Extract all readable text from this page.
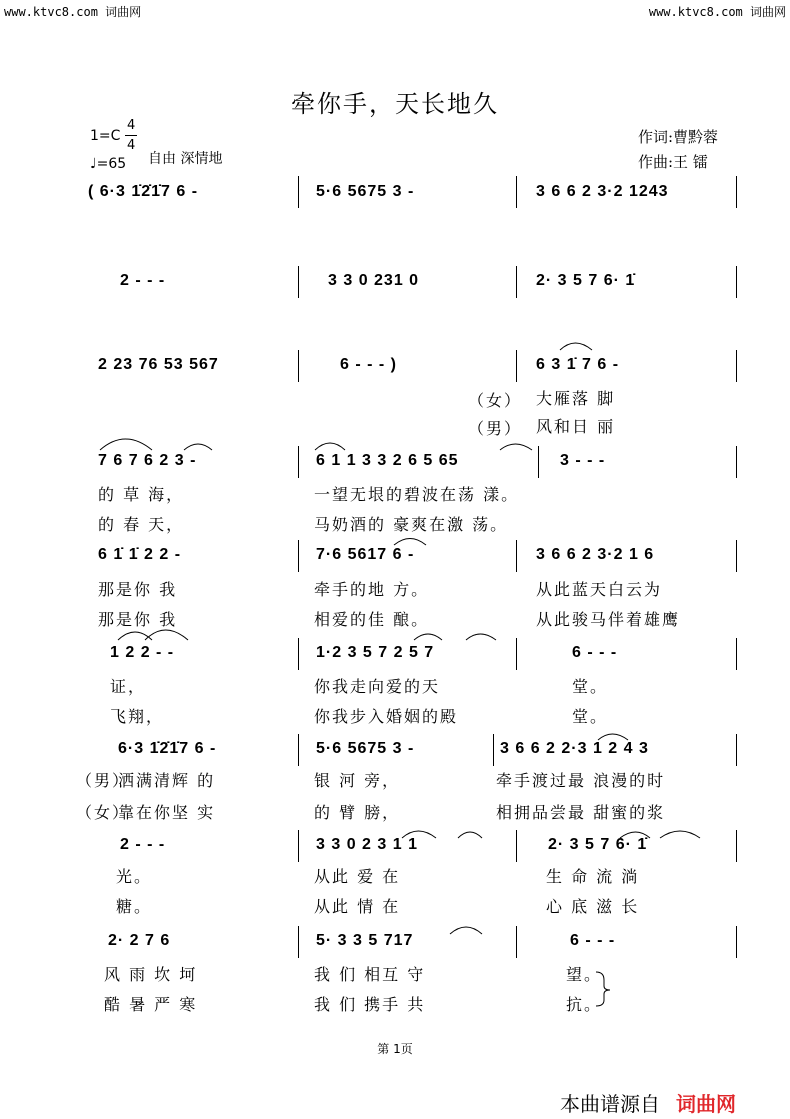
www.ktvc8.com 词曲网	www.ktvc8.com 词曲网
牵你手，天长地久
1=C
4
4
♩=65 自由 深情地
作词:曹黔蓉
作曲:王 镭
( 6·3 1̇2̇1̇7 6 -	5·6 5675 3 -	3 6 6 2 3·2 1243
2 - - -	3 3 0 231 0	2· 3 5 7 6· 1̇
2 23 76 53 567	6 - - - )	6 3 1̇ 7 6 -
（女） 大雁落 脚
（男） 风和日 丽
7 6 7 6 2 3 -	6 1 1 3 3 2 6 5 65	3 - - -
的 草 海，	一望无垠的碧波在荡 漾。
的 春 天，	马奶酒的 豪爽在激 荡。
6 1̇ 1̇ 2 2 -	7·6 5617 6 -	3 6 6 2 3·2 1 6
那是你 我	牵手的地 方。	从此蓝天白云为
那是你 我	相爱的佳 酿。	从此骏马伴着雄鹰
1 2 2 - -	1·2 3 5 7 2 5 7	6 - - -
证，	你我走向爱的天	堂。
飞翔，	你我步入婚姻的殿	堂。
6·3 1̇2̇1̇7 6 -	5·6 5675 3 -	3 6 6 2 2·3 1 2 4 3
（男）
洒满清辉 的	银 河 旁，	牵手渡过最 浪漫的时
（女）
靠在你坚 实	的 臂 膀，	相拥品尝最 甜蜜的浆
2 - - -	3 3 0 2 3 1 1	2· 3 5 7 6· 1̇
光。	从此 爱 在	生 命 流 淌
糖。	从此 情 在	心 底 滋 长
2· 2 7 6	5· 3 3 5 717	6 - - -
风 雨 坎 坷	我 们 相互 守	望。
酷 暑 严 寒	我 们 携手 共	抗。
第 1页
本曲谱源自 词曲网
